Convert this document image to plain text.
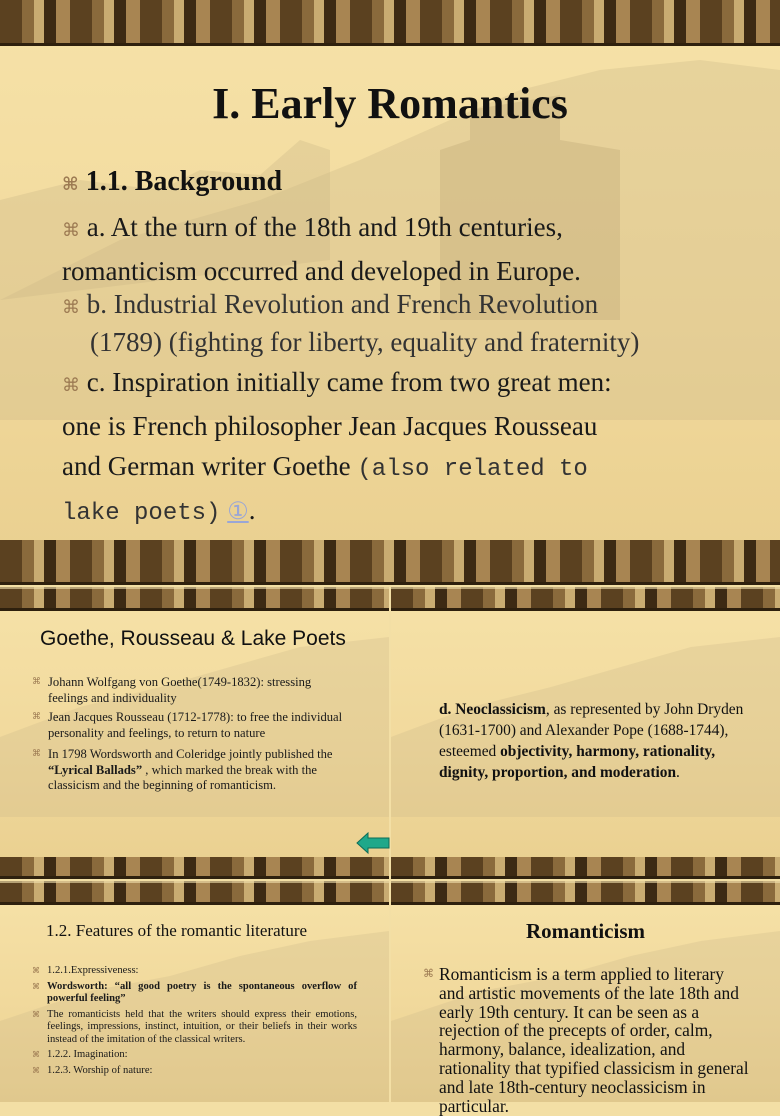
I. Early Romantics
⌘ 1.1. Background
⌘ a. At the turn of the 18th and 19th centuries,
romanticism occurred and developed in Europe.
⌘ b. Industrial Revolution and French Revolution
(1789) (fighting for liberty, equality and fraternity)
⌘ c. Inspiration initially came from two great men:
one is French philosopher Jean Jacques Rousseau
and German writer Goethe (also related to
lake poets) ①.
Goethe, Rousseau & Lake Poets
⌘ Johann Wolfgang von Goethe(1749-1832): stressing feelings and individuality
⌘ Jean Jacques Rousseau (1712-1778): to free the individual personality and feelings, to return to nature
⌘ In 1798 Wordsworth and Coleridge jointly published the “Lyrical Ballads” , which marked the break with the classicism and the beginning of romanticism.
d. Neoclassicism, as represented by John Dryden (1631-1700) and Alexander Pope (1688-1744), esteemed objectivity, harmony, rationality, dignity, proportion, and moderation.
1.2. Features of the romantic literature
⌘ 1.2.1.Expressiveness:
⌘ Wordsworth: “all good poetry is the spontaneous overflow of powerful feeling”
⌘ The romanticists held that the writers should express their emotions, feelings, impressions, instinct, intuition, or their beliefs in their works instead of the imitation of the classical writers.
⌘ 1.2.2. Imagination:
⌘ 1.2.3. Worship of nature:
Romanticism
⌘ Romanticism is a term applied to literary and artistic movements of the late 18th and early 19th century. It can be seen as a rejection of the precepts of order, calm, harmony, balance, idealization, and rationality that typified classicism in general and late 18th-century neoclassicism in particular.
